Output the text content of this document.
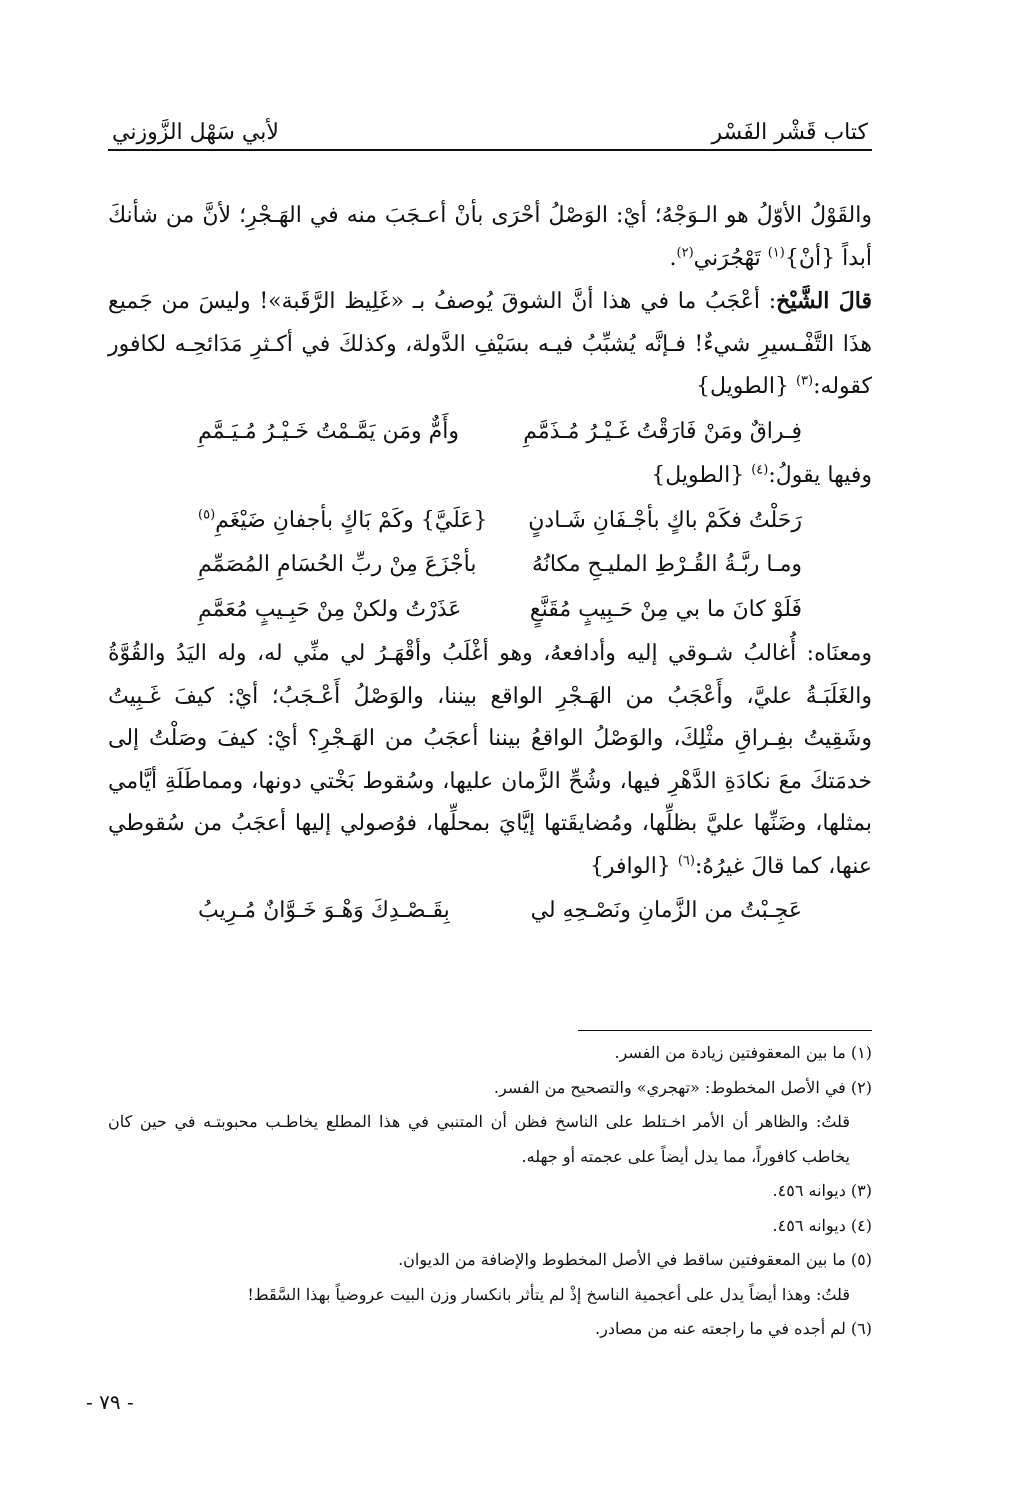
كتاب قَشْر الفَسْر
لأبي سَهْل الزَّوزني

والقَوْلُ الأوّلُ هو الـوَجْهُ؛ أيْ: الوَصْلُ أحْرَى بأنْ أعـجَبَ منه في الهَـجْرِ؛ لأنَّ من شأنكَ أبداً {أنْ}$^{(١)}$ تَهْجُرَني$^{(٢)}$.

قالَ الشَّيْخ: أعْجَبُ ما في هذا أنَّ الشوقَ يُوصفُ بـ «غَلِيظ الرَّقَبة»! وليسَ من جَميع هذَا التَّفْـسيرِ شيءٌ! فـإنَّه يُشبِّبُ فيـه بسَيْفِ الدَّولة، وكذلكَ في أكـثرِ مَدَائحِـه لكافور كقوله:$^{(٣)}$ {الطويل}

فِـراقٌ ومَنْ فَارَقْتُ غَـيْـرُ مُـذَمَّمِ
وأَمٌّ ومَن يَمَّـمْتُ خَـيْـرُ مُـيَـمَّمِ

وفيها يقولُ:$^{(٤)}$ {الطويل}

رَحَلْتُ فكَمْ باكٍ بأجْـفَانِ شَـادنٍ
{عَلَيَّ} وكَمْ بَاكٍ بأجفانِ ضَيْغَمِ$^{(٥)}$
ومـا ربَّـةُ القُـرْطِ المليـحِ مكانُهُ
بأجْزَعَ مِنْ ربِّ الحُسَامِ المُصَمِّمِ
فَلَوْ كانَ ما بي مِنْ حَـبِيبٍ مُقَنَّعٍ
عَذَرْتُ ولكنْ مِنْ حَبِـيبٍ مُعَمَّمِ

ومعنَاه: أُغالبُ شـوقي إليه وأدافعهُ، وهو أغْلَبُ وأقْهَـرُ لي منِّي له، وله اليَدُ والقُوَّةُ والغَلَبَـةُ عليَّ، وأَعْجَبُ من الهَـجْرِ الواقع بيننا، والوَصْلُ أَعْـجَبُ؛ أيْ: كيفَ غَـبِيتُ وشَقِيتُ بفِـراقِ مثْلِكَ، والوَصْلُ الواقعُ بيننا أعجَبُ من الهَـجْرِ؟ أيْ: كيفَ وصَلْتُ إلى خدمَتكَ معَ نكادَةِ الدَّهْرِ فيها، وشُحِّ الزَّمان عليها، وسُقوط بَخْتي دونها، ومماطَلَةِ أيَّامي بمثلها، وضَنِّها عليَّ بظلِّها، ومُضايقَتها إيَّايَ بمحلِّها، فوُصولي إليها أعجَبُ من سُقوطي عنها، كما قالَ غيرُهُ:$^{(٦)}$ {الوافر}

عَجِـبْتُ من الزَّمانِ ونَصْـحِهِ لي
بِقَـصْـدِكَ وَهْـوَ خَـوَّانٌ مُـرِيبُ

(١) ما بين المعقوفتين زيادة من الفسر.

(٢) في الأصل المخطوط: «تهجري» والتصحيح من الفسر.

قلتُ: والظاهر أن الأمر اخـتلط على الناسخ فظن أن المتنبي في هذا المطلع يخاطـب محبوبتـه في حين كان يخاطب كافوراً، مما يدل أيضاً على عجمته أو جهله.

(٣) ديوانه ٤٥٦.

(٤) ديوانه ٤٥٦.

(٥) ما بين المعقوفتين ساقط في الأصل المخطوط والإضافة من الديوان.

قلتُ: وهذا أيضاً يدل على أعجمية الناسخ إذْ لم يتأثر بانكسار وزن البيت عروضياً بهذا السَّقَط!

(٦) لم أجده في ما راجعته عنه من مصادر.

- ٧٩ -
